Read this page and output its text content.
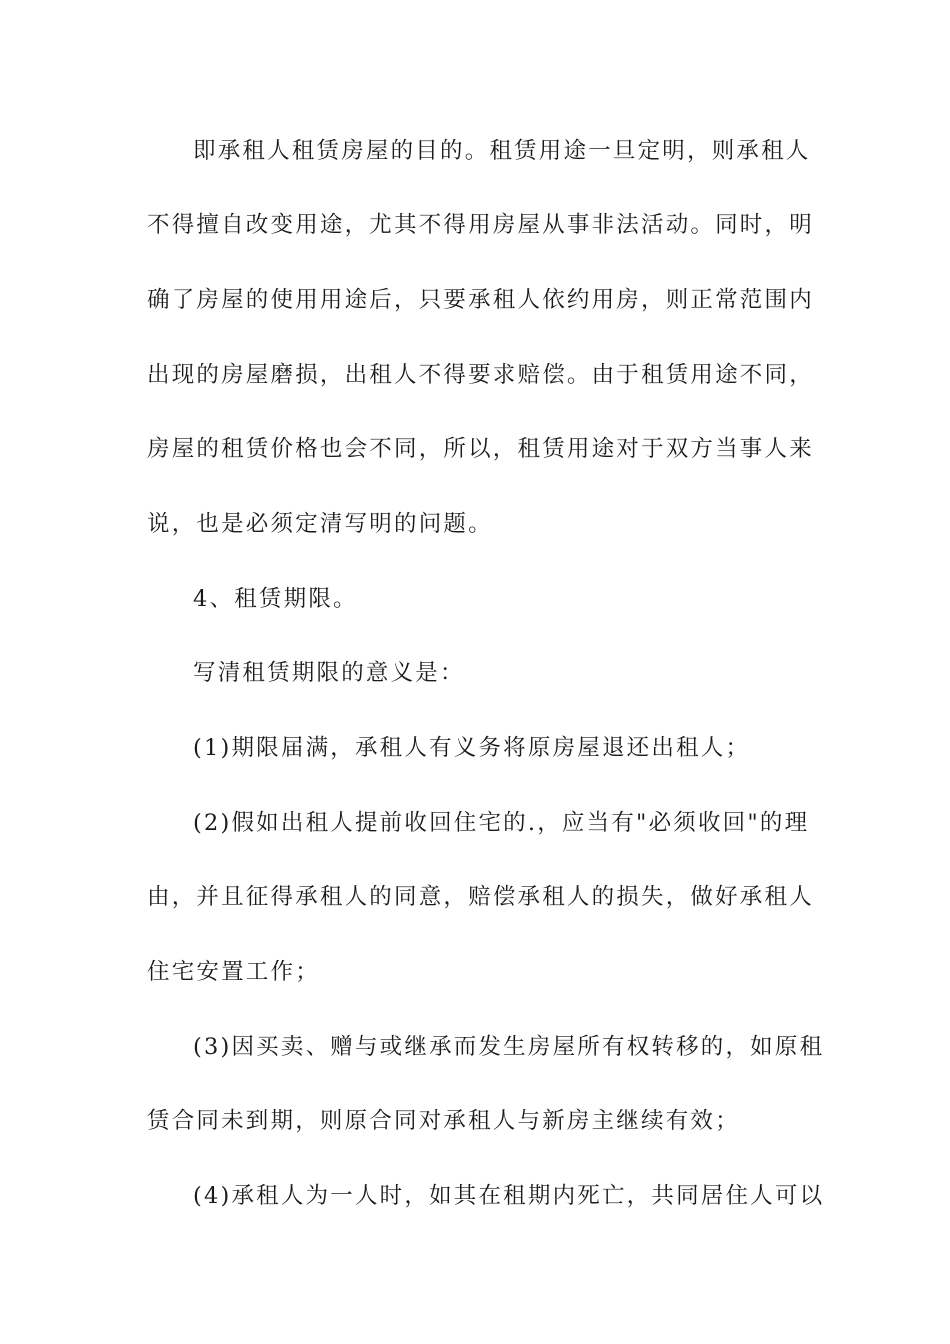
即承租人租赁房屋的目的。租赁用途一旦定明，则承租人
不得擅自改变用途，尤其不得用房屋从事非法活动。同时，明
确了房屋的使用用途后，只要承租人依约用房，则正常范围内
出现的房屋磨损，出租人不得要求赔偿。由于租赁用途不同，
房屋的租赁价格也会不同，所以，租赁用途对于双方当事人来
说，也是必须定清写明的问题。
4、租赁期限。
写清租赁期限的意义是：
(1)期限届满，承租人有义务将原房屋退还出租人；
(2)假如出租人提前收回住宅的.，应当有"必须收回"的理
由，并且征得承租人的同意，赔偿承租人的损失，做好承租人
住宅安置工作；
(3)因买卖、赠与或继承而发生房屋所有权转移的，如原租
赁合同未到期，则原合同对承租人与新房主继续有效；
(4)承租人为一人时，如其在租期内死亡，共同居住人可以
